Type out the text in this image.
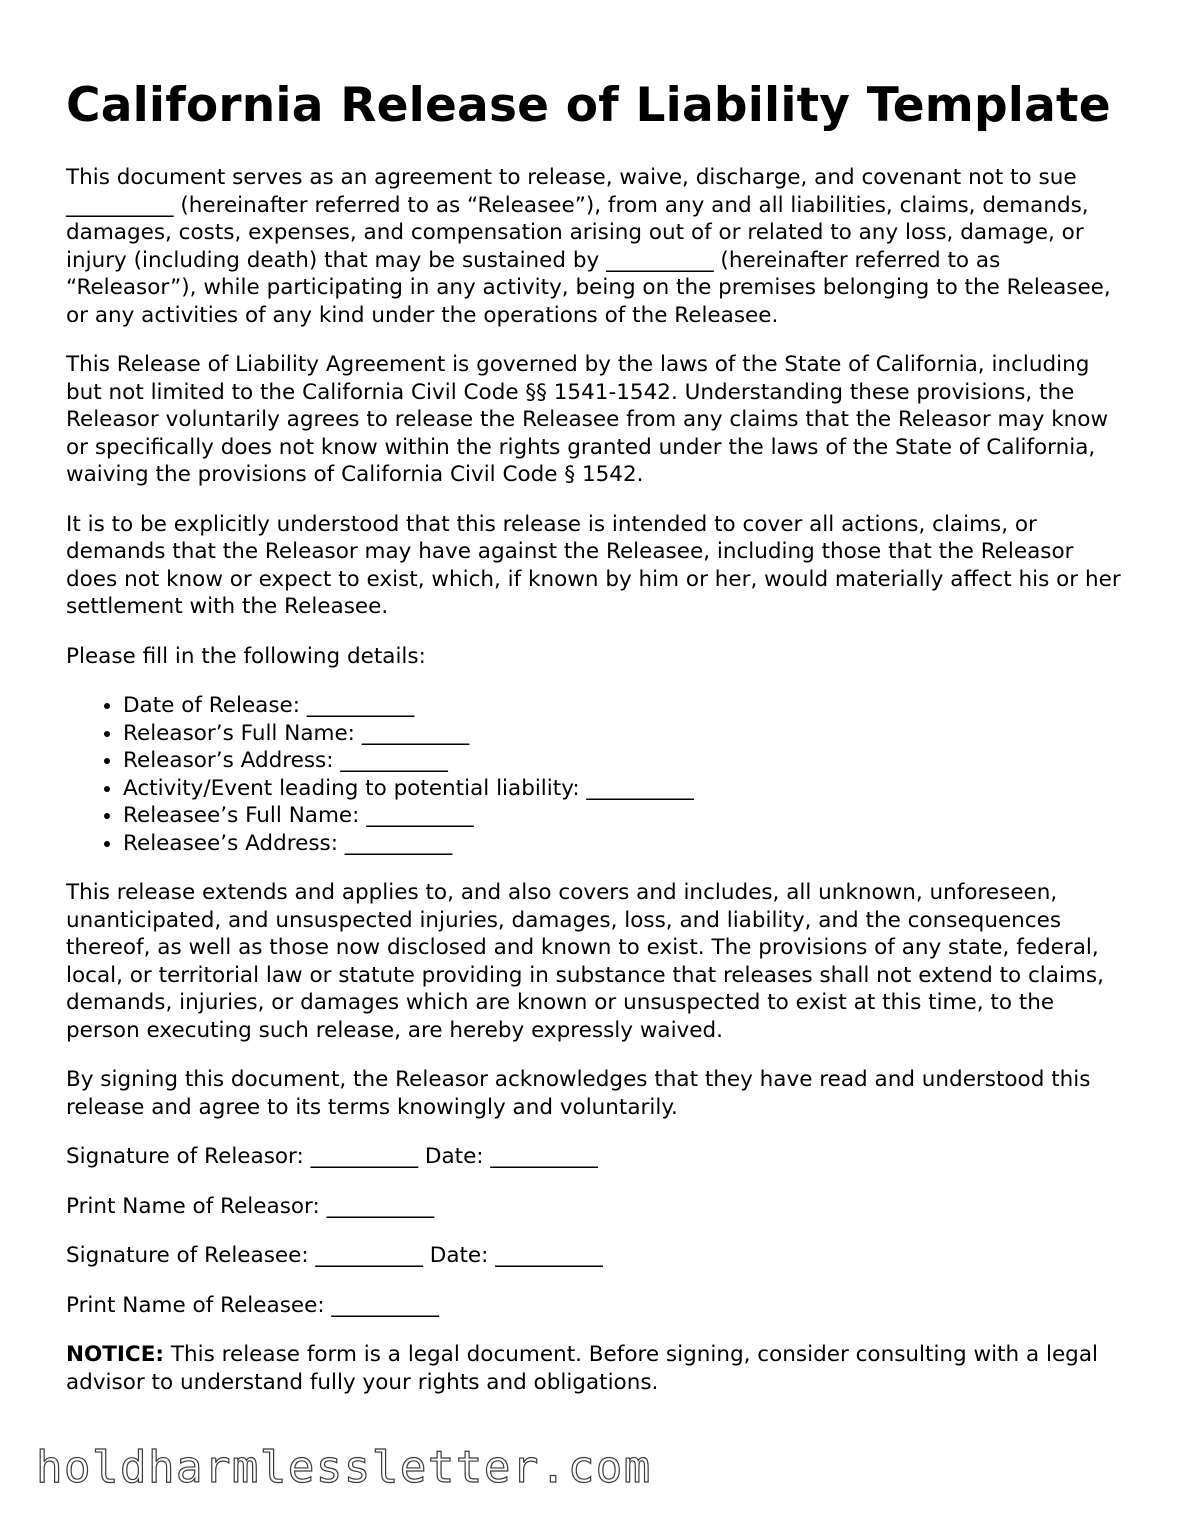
California Release of Liability Template

This document serves as an agreement to release, waive, discharge, and covenant not to sue __________ (hereinafter referred to as “Releasee”), from any and all liabilities, claims, demands, damages, costs, expenses, and compensation arising out of or related to any loss, damage, or injury (including death) that may be sustained by __________ (hereinafter referred to as “Releasor”), while participating in any activity, being on the premises belonging to the Releasee, or any activities of any kind under the operations of the Releasee.

This Release of Liability Agreement is governed by the laws of the State of California, including but not limited to the California Civil Code §§ 1541-1542. Understanding these provisions, the Releasor voluntarily agrees to release the Releasee from any claims that the Releasor may know or specifically does not know within the rights granted under the laws of the State of California, waiving the provisions of California Civil Code § 1542.

It is to be explicitly understood that this release is intended to cover all actions, claims, or demands that the Releasor may have against the Releasee, including those that the Releasor does not know or expect to exist, which, if known by him or her, would materially affect his or her settlement with the Releasee.

Please fill in the following details:

• Date of Release: __________
• Releasor’s Full Name: __________
• Releasor’s Address: __________
• Activity/Event leading to potential liability: __________
• Releasee’s Full Name: __________
• Releasee’s Address: __________

This release extends and applies to, and also covers and includes, all unknown, unforeseen, unanticipated, and unsuspected injuries, damages, loss, and liability, and the consequences thereof, as well as those now disclosed and known to exist. The provisions of any state, federal, local, or territorial law or statute providing in substance that releases shall not extend to claims, demands, injuries, or damages which are known or unsuspected to exist at this time, to the person executing such release, are hereby expressly waived.

By signing this document, the Releasor acknowledges that they have read and understood this release and agree to its terms knowingly and voluntarily.

Signature of Releasor: __________ Date: __________

Print Name of Releasor: __________

Signature of Releasee: __________ Date: __________

Print Name of Releasee: __________

NOTICE: This release form is a legal document. Before signing, consider consulting with a legal advisor to understand fully your rights and obligations.

holdharmlessletter.com
